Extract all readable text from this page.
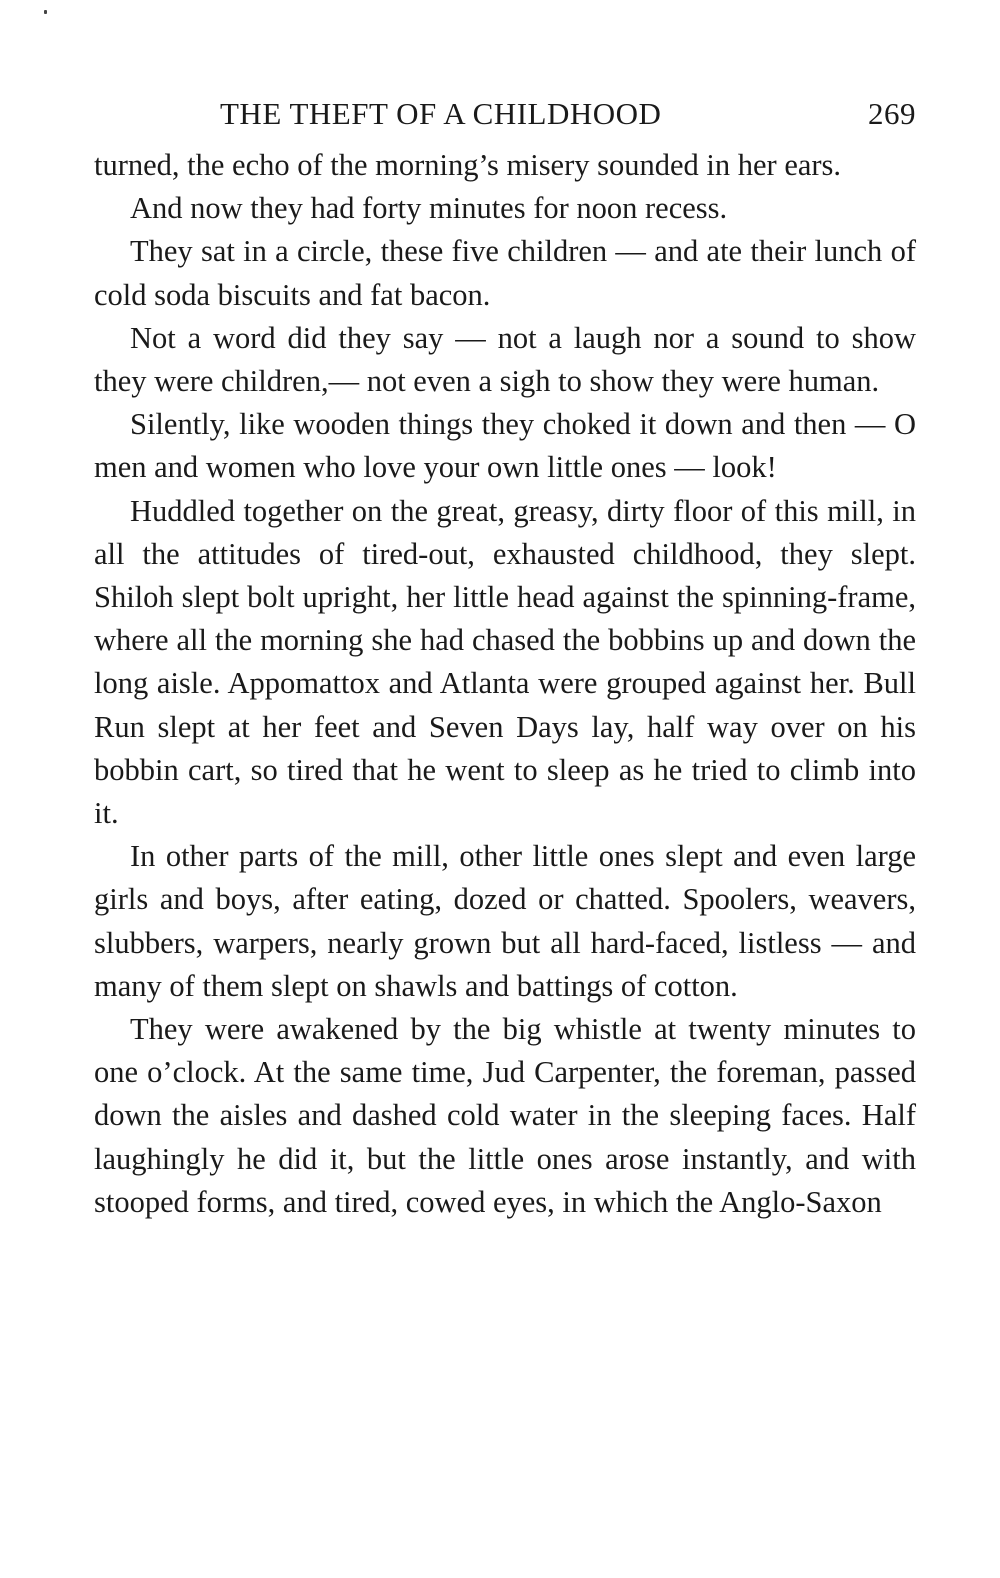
THE THEFT OF A CHILDHOOD	269

turned, the echo of the morning’s misery sounded in her ears.

And now they had forty minutes for noon recess.

They sat in a circle, these five children — and ate their lunch of cold soda biscuits and fat bacon.

Not a word did they say — not a laugh nor a sound to show they were children,— not even a sigh to show they were human.

Silently, like wooden things they choked it down and then — O men and women who love your own little ones — look!

Huddled together on the great, greasy, dirty floor of this mill, in all the attitudes of tired-out, exhausted childhood, they slept. Shiloh slept bolt upright, her little head against the spinning-frame, where all the morning she had chased the bobbins up and down the long aisle. Appomattox and Atlanta were grouped against her. Bull Run slept at her feet and Seven Days lay, half way over on his bobbin cart, so tired that he went to sleep as he tried to climb into it.

In other parts of the mill, other little ones slept and even large girls and boys, after eating, dozed or chatted. Spoolers, weavers, slubbers, warpers, nearly grown but all hard-faced, listless — and many of them slept on shawls and battings of cotton.

They were awakened by the big whistle at twenty minutes to one o’clock. At the same time, Jud Carpenter, the foreman, passed down the aisles and dashed cold water in the sleeping faces. Half laughingly he did it, but the little ones arose instantly, and with stooped forms, and tired, cowed eyes, in which the Anglo-Saxon
